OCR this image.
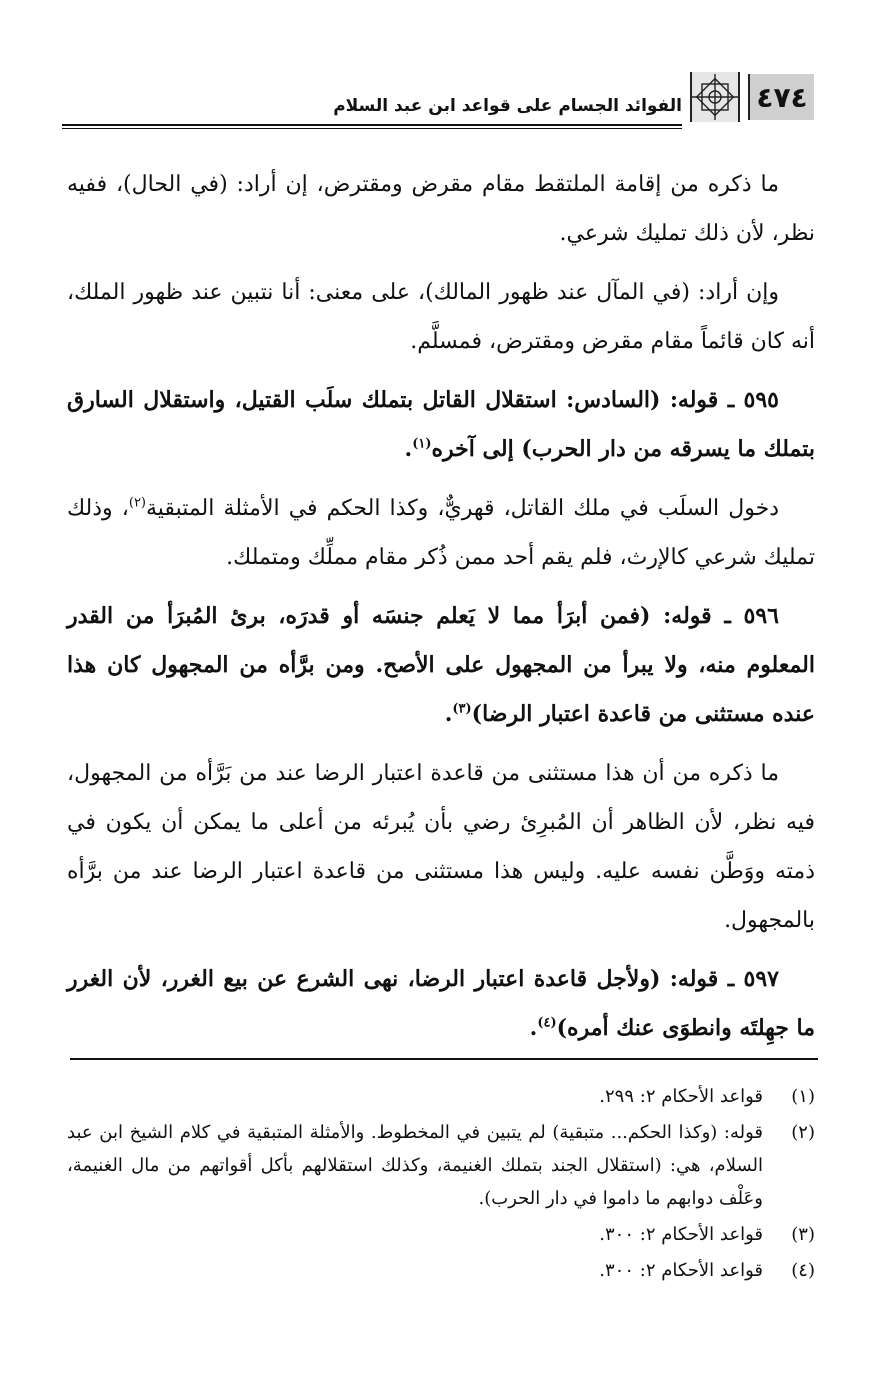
٤٧٤
الفوائد الجسام على قواعد ابن عبد السلام

ما ذكره من إقامة الملتقط مقام مقرض ومقترض، إن أراد: (في الحال)، ففيه نظر، لأن ذلك تمليك شرعي.

وإن أراد: (في المآل عند ظهور المالك)، على معنى: أنا نتبين عند ظهور الملك، أنه كان قائماً مقام مقرض ومقترض، فمسلَّم.

٥٩٥ ـ قوله: (السادس: استقلال القاتل بتملك سلَب القتيل، واستقلال السارق بتملك ما يسرقه من دار الحرب) إلى آخره$^{(١)}$.

دخول السلَب في ملك القاتل، قهريٌّ، وكذا الحكم في الأمثلة المتبقية$^{(٢)}$، وذلك تمليك شرعي كالإرث، فلم يقم أحد ممن ذُكر مقام مملِّك ومتملك.

٥٩٦ ـ قوله: (فمن أبرَأ مما لا يَعلم جنسَه أو قدرَه، برئ المُبرَأ من القدر المعلوم منه، ولا يبرأ من المجهول على الأصح. ومن برَّأه من المجهول كان هذا عنده مستثنى من قاعدة اعتبار الرضا)$^{(٣)}$.

ما ذكره من أن هذا مستثنى من قاعدة اعتبار الرضا عند من بَرَّأه من المجهول، فيه نظر، لأن الظاهر أن المُبرِئ رضي بأن يُبرئه من أعلى ما يمكن أن يكون في ذمته ووَطَّن نفسه عليه. وليس هذا مستثنى من قاعدة اعتبار الرضا عند من برَّأه بالمجهول.

٥٩٧ ـ قوله: (ولأجل قاعدة اعتبار الرضا، نهى الشرع عن بيع الغرر، لأن الغرر ما جهِلتَه وانطوَى عنك أمره)$^{(٤)}$.

(١)
قواعد الأحكام ٢: ٢٩٩.
(٢)
قوله: (وكذا الحكم... متبقية) لم يتبين في المخطوط. والأمثلة المتبقية في كلام الشيخ ابن عبد السلام، هي: (استقلال الجند بتملك الغنيمة، وكذلك استقلالهم بأكل أقواتهم من مال الغنيمة، وعَلْف دوابهم ما داموا في دار الحرب).
(٣)
قواعد الأحكام ٢: ٣٠٠.
(٤)
قواعد الأحكام ٢: ٣٠٠.
